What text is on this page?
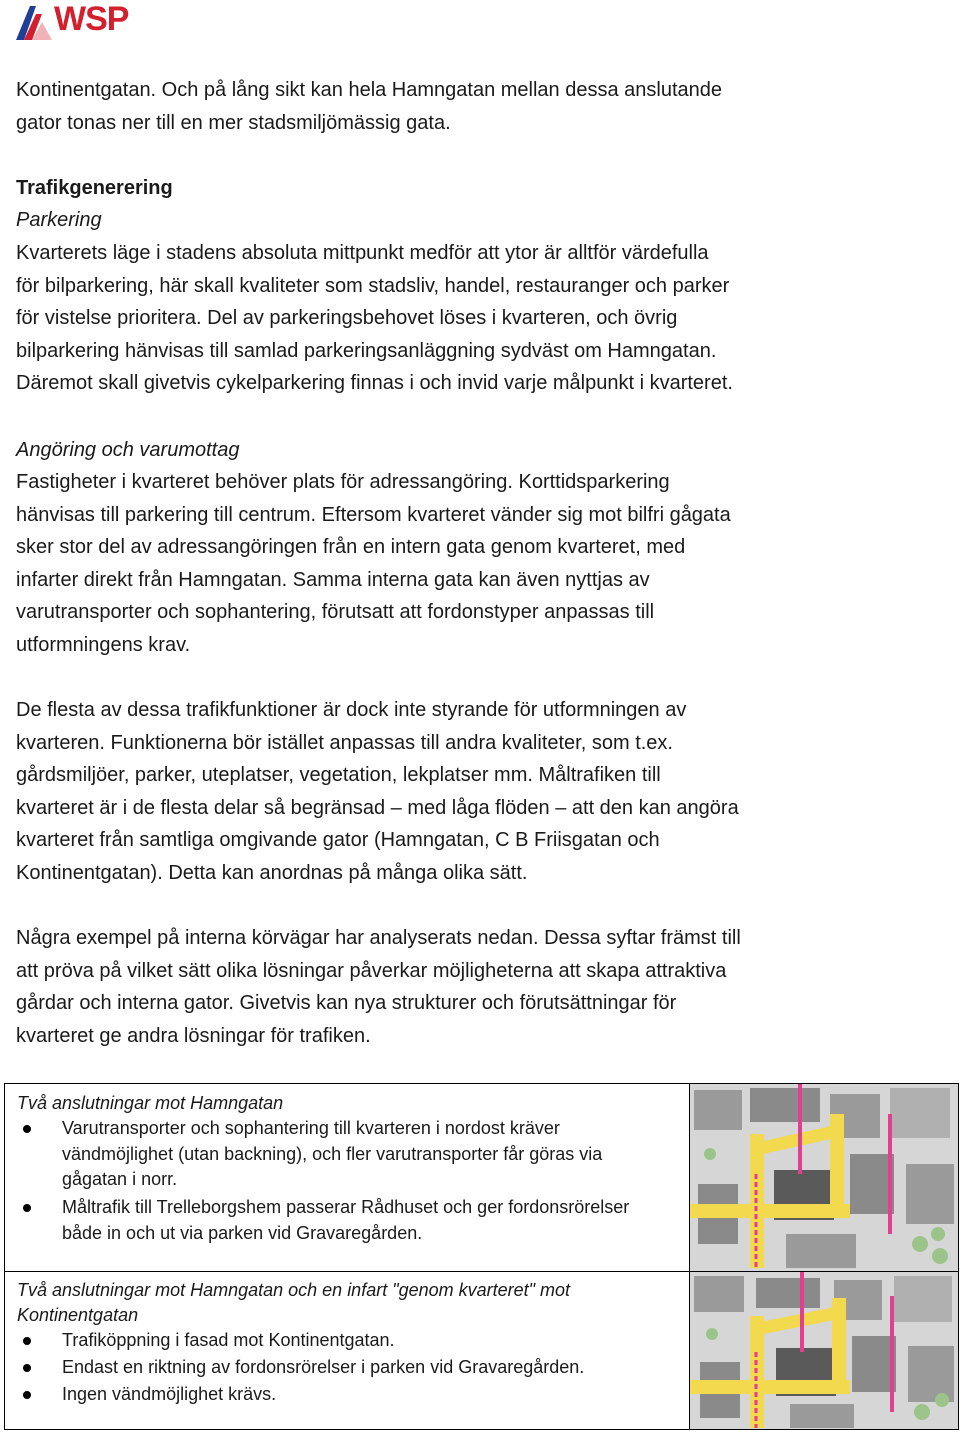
WSP
Kontinentgatan. Och på lång sikt kan hela Hamngatan mellan dessa anslutande
gator tonas ner till en mer stadsmiljömässig gata.
Trafikgenerering
Parkering
Kvarterets läge i stadens absoluta mittpunkt medför att ytor är alltför värdefulla
för bilparkering, här skall kvaliteter som stadsliv, handel, restauranger och parker
för vistelse prioritera. Del av parkeringsbehovet löses i kvarteren, och övrig
bilparkering hänvisas till samlad parkeringsanläggning sydväst om Hamngatan.
Däremot skall givetvis cykelparkering finnas i och invid varje målpunkt i kvarteret.
Angöring och varumottag
Fastigheter i kvarteret behöver plats för adressangöring. Korttidsparkering
hänvisas till parkering till centrum. Eftersom kvarteret vänder sig mot bilfri gågata
sker stor del av adressangöringen från en intern gata genom kvarteret, med
infarter direkt från Hamngatan. Samma interna gata kan även nyttjas av
varutransporter och sophantering, förutsatt att fordonstyper anpassas till
utformningens krav.
De flesta av dessa trafikfunktioner är dock inte styrande för utformningen av
kvarteren. Funktionerna bör istället anpassas till andra kvaliteter, som t.ex.
gårdsmiljöer, parker, uteplatser, vegetation, lekplatser mm. Måltrafiken till
kvarteret är i de flesta delar så begränsad – med låga flöden – att den kan angöra
kvarteret från samtliga omgivande gator (Hamngatan, C B Friisgatan och
Kontinentgatan). Detta kan anordnas på många olika sätt.
Några exempel på interna körvägar har analyserats nedan. Dessa syftar främst till
att pröva på vilket sätt olika lösningar påverkar möjligheterna att skapa attraktiva
gårdar och interna gator. Givetvis kan nya strukturer och förutsättningar för
kvarteret ge andra lösningar för trafiken.
Två anslutningar mot Hamngatan
Varutransporter och sophantering till kvarteren i nordost kräver
vändmöjlighet (utan backning), och fler varutransporter får göras via
gågatan i norr.
Måltrafik till Trelleborgshem passerar Rådhuset och ger fordonsrörelser
både in och ut via parken vid Gravaregården.
Två anslutningar mot Hamngatan och en infart "genom kvarteret" mot
Kontinentgatan
Trafiköppning i fasad mot Kontinentgatan.
Endast en riktning av fordonsrörelser i parken vid Gravaregården.
Ingen vändmöjlighet krävs.
